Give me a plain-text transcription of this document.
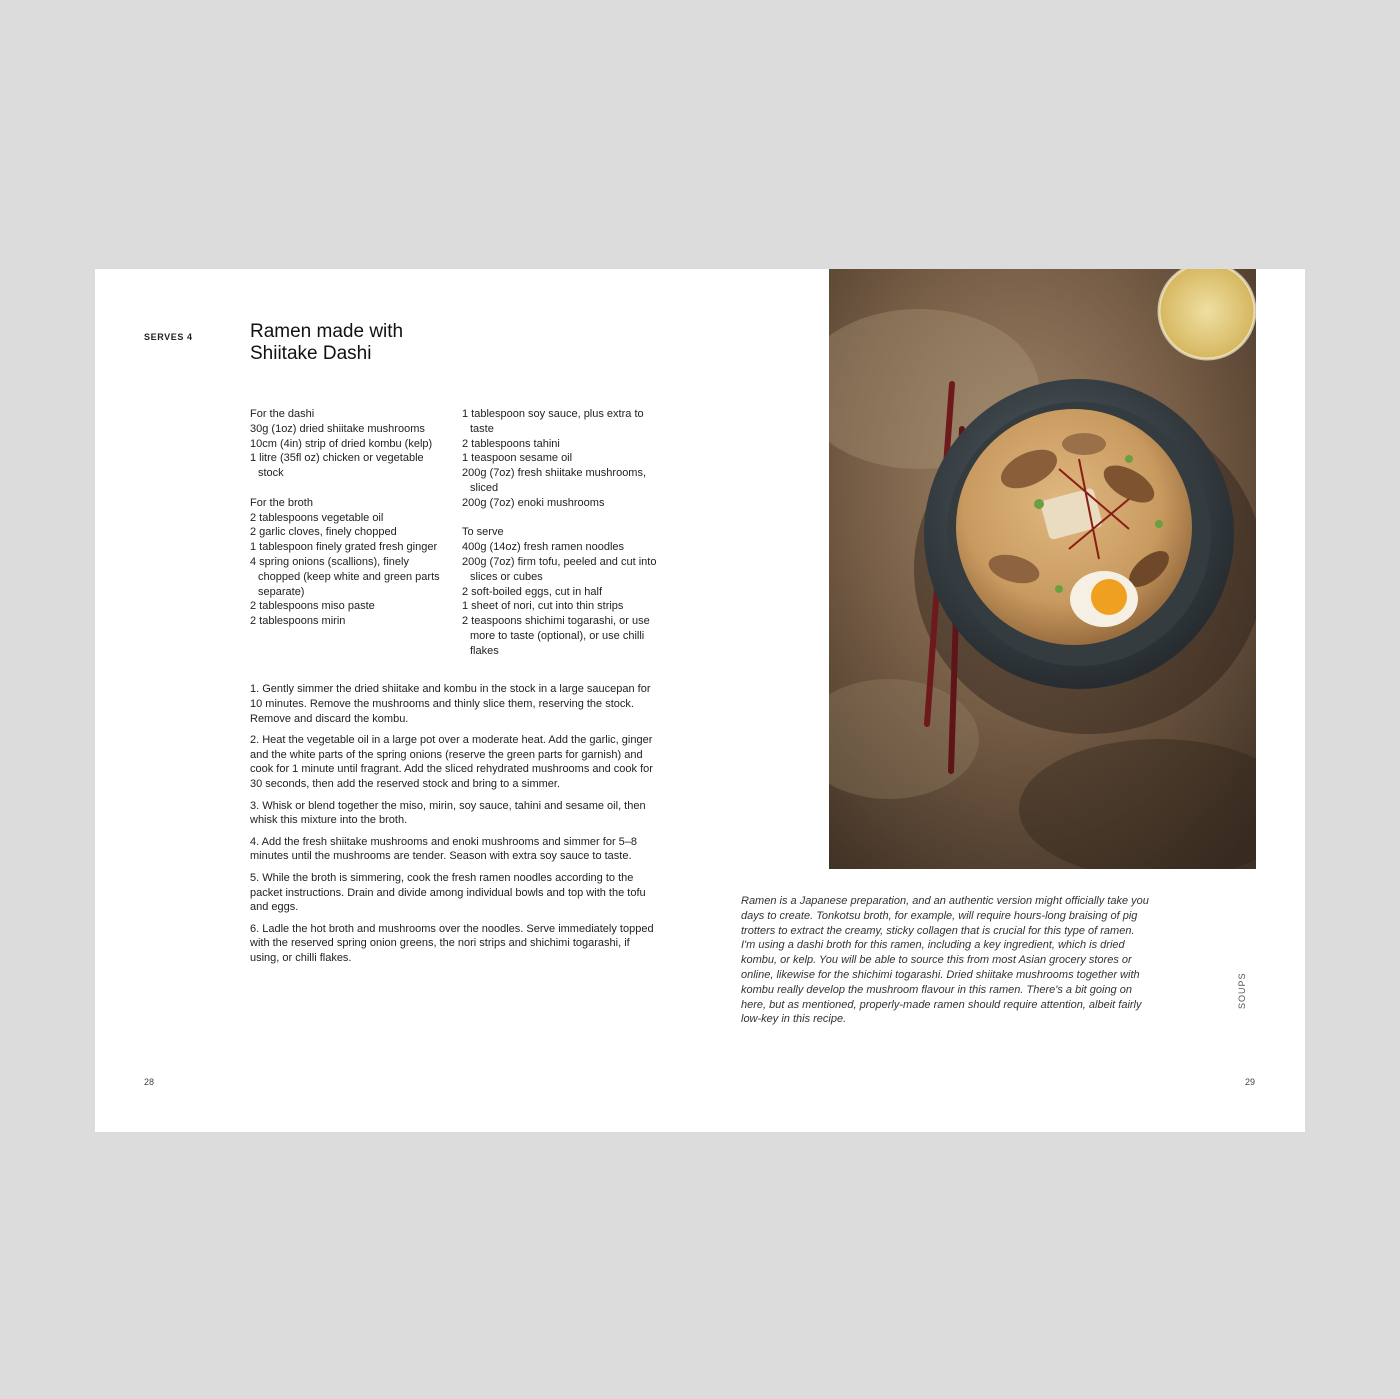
SERVES 4	Ramen made with
Shiitake Dashi
For the dashi
30g (1oz) dried shiitake mushrooms
10cm (4in) strip of dried kombu (kelp)
1 litre (35fl oz) chicken or vegetable stock
For the broth
2 tablespoons vegetable oil
2 garlic cloves, finely chopped
1 tablespoon finely grated fresh ginger
4 spring onions (scallions), finely chopped (keep white and green parts separate)
2 tablespoons miso paste
2 tablespoons mirin
1 tablespoon soy sauce, plus extra to taste
2 tablespoons tahini
1 teaspoon sesame oil
200g (7oz) fresh shiitake mushrooms, sliced
200g (7oz) enoki mushrooms
To serve
400g (14oz) fresh ramen noodles
200g (7oz) firm tofu, peeled and cut into slices or cubes
2 soft-boiled eggs, cut in half
1 sheet of nori, cut into thin strips
2 teaspoons shichimi togarashi, or use more to taste (optional), or use chilli flakes

1. Gently simmer the dried shiitake and kombu in the stock in a large saucepan for 10 minutes. Remove the mushrooms and thinly slice them, reserving the stock. Remove and discard the kombu.

2. Heat the vegetable oil in a large pot over a moderate heat. Add the garlic, ginger and the white parts of the spring onions (reserve the green parts for garnish) and cook for 1 minute until fragrant. Add the sliced rehydrated mushrooms and cook for 30 seconds, then add the reserved stock and bring to a simmer.

3. Whisk or blend together the miso, mirin, soy sauce, tahini and sesame oil, then whisk this mixture into the broth.

4. Add the fresh shiitake mushrooms and enoki mushrooms and simmer for 5–8 minutes until the mushrooms are tender. Season with extra soy sauce to taste.

5. While the broth is simmering, cook the fresh ramen noodles according to the packet instructions. Drain and divide among individual bowls and top with the tofu and eggs.

6. Ladle the hot broth and mushrooms over the noodles. Serve immediately topped with the reserved spring onion greens, the nori strips and shichimi togarashi, if using, or chilli flakes.

28

Ramen is a Japanese preparation, and an authentic version might officially take you days to create. Tonkotsu broth, for example, will require hours-long braising of pig trotters to extract the creamy, sticky collagen that is crucial for this type of ramen. I'm using a dashi broth for this ramen, including a key ingredient, which is dried kombu, or kelp. You will be able to source this from most Asian grocery stores or online, likewise for the shichimi togarashi. Dried shiitake mushrooms together with kombu really develop the mushroom flavour in this ramen. There's a bit going on here, but as mentioned, properly-made ramen should require attention, albeit fairly low-key in this recipe.

SOUPS
29
